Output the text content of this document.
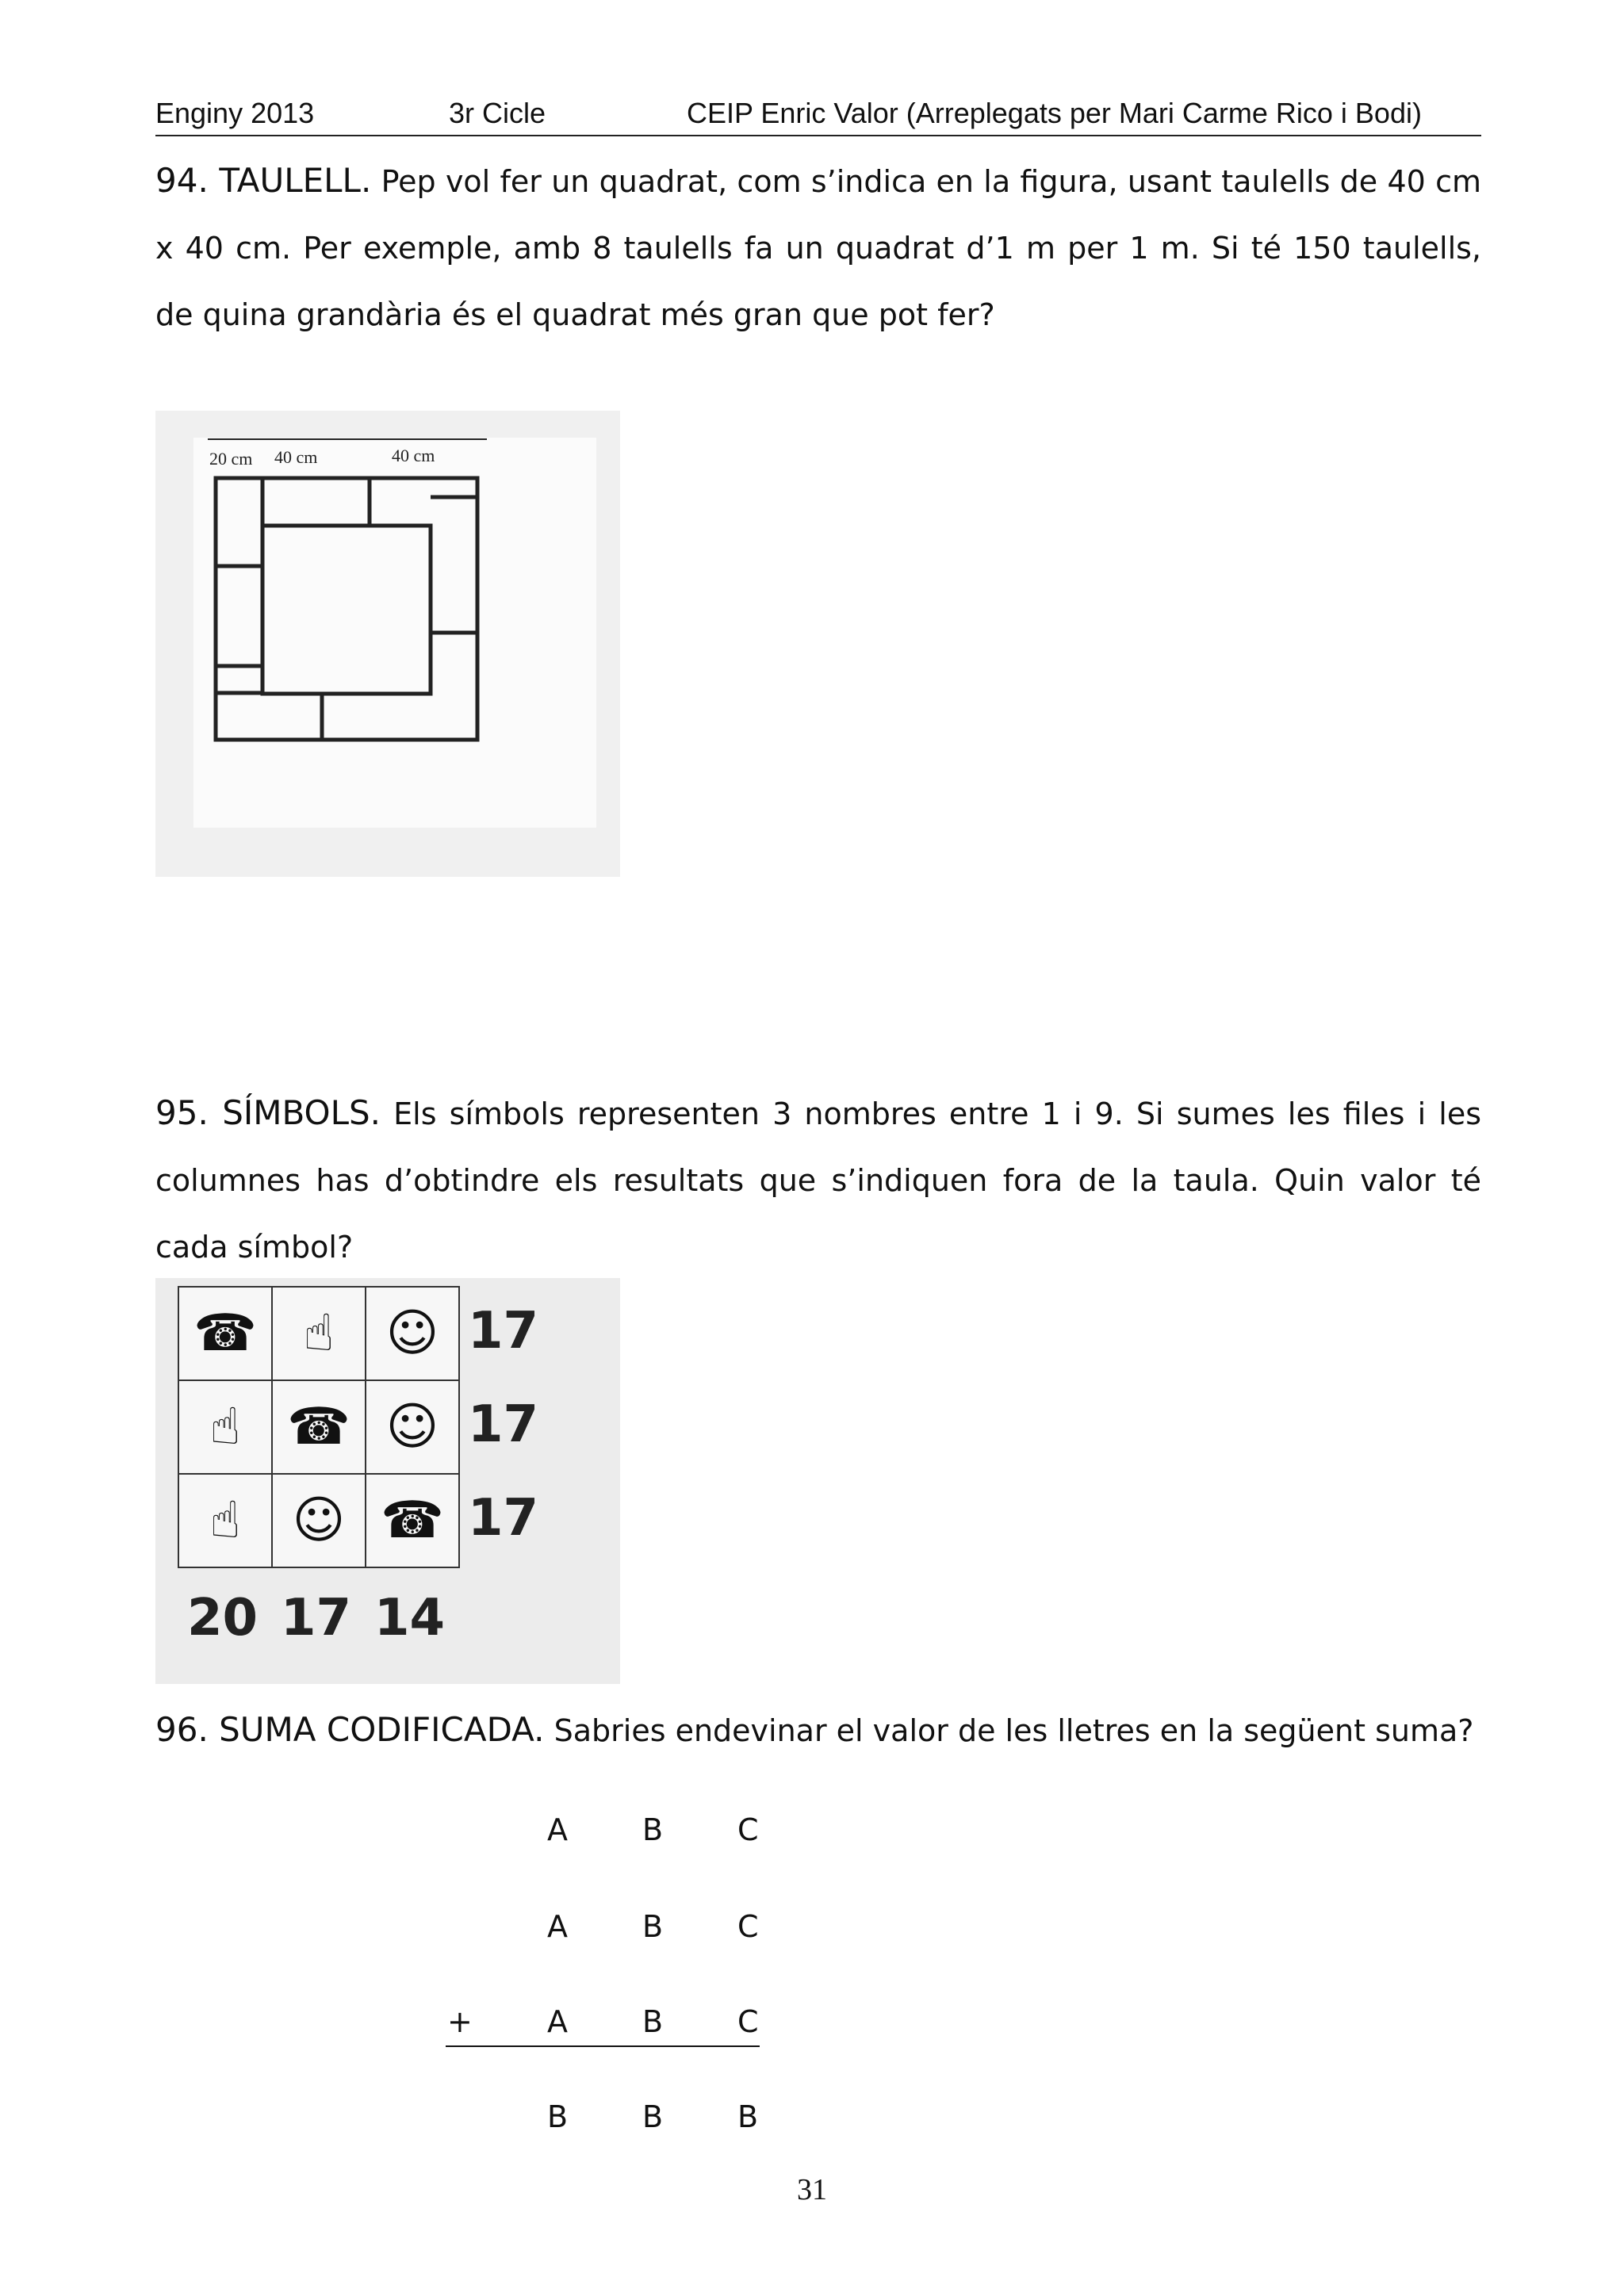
Enginy 2013	3r Cicle	CEIP Enric Valor (Arreplegats per Mari Carme Rico i Bodi)
94. TAULELL. Pep vol fer un quadrat, com s’indica en la figura, usant taulells de 40 cm x 40 cm. Per exemple, amb 8 taulells fa un quadrat d’1 m per 1 m. Si té 150 taulells, de quina grandària és el quadrat més gran que pot fer?
20 cm 40 cm	40 cm
95. SÍMBOLS. Els símbols representen 3 nombres entre 1 i 9. Si sumes les files i les columnes has d’obtindre els resultats que s’indiquen fora de la taula. Quin valor té cada símbol?
☎	☝	☺
☝	☎	☺
☝	☺	☎
17
17
17
20 17 14
96. SUMA CODIFICADA. Sabries endevinar el valor de les lletres en la següent suma?
A B C
A B C
+ A B C
B B B
31
